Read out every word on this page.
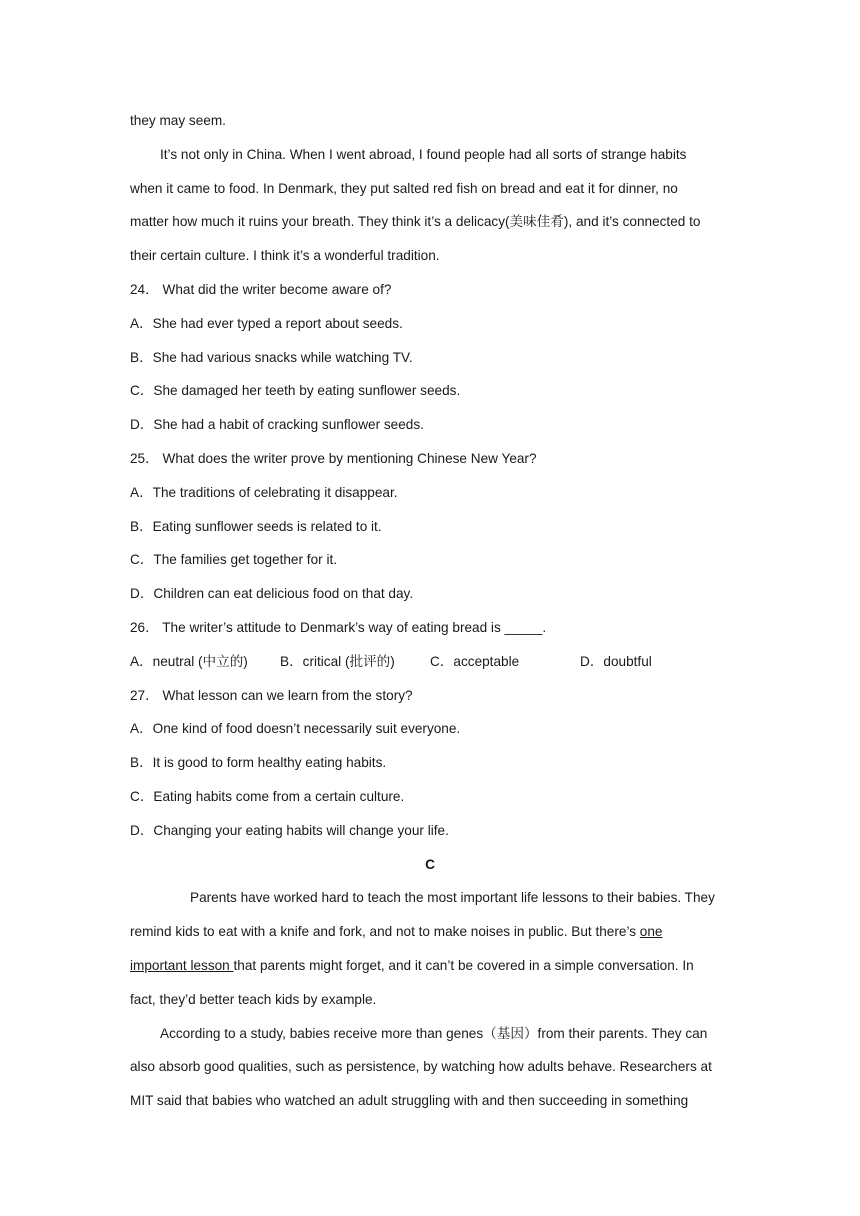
they may seem.
It’s not only in China. When I went abroad, I found people had all sorts of strange habits
when it came to food. In Denmark, they put salted red fish on bread and eat it for dinner, no
matter how much it ruins your breath. They think it’s a delicacy(美味佳肴), and it’s connected to
their certain culture. I think it’s a wonderful tradition.
24． What did the writer become aware of?
A．She had ever typed a report about seeds.
B．She had various snacks while watching TV.
C．She damaged her teeth by eating sunflower seeds.
D．She had a habit of cracking sunflower seeds.
25． What does the writer prove by mentioning Chinese New Year?
A．The traditions of celebrating it disappear.
B．Eating sunflower seeds is related to it.
C．The families get together for it.
D．Children can eat delicious food on that day.
26． The writer’s attitude to Denmark’s way of eating bread is _____.
A．neutral (中立的)	B．critical (批评的)	C．acceptable	D．doubtful
27． What lesson can we learn from the story?
A．One kind of food doesn’t necessarily suit everyone.
B．It is good to form healthy eating habits.
C．Eating habits come from a certain culture.
D．Changing your eating habits will change your life.
C
Parents have worked hard to teach the most important life lessons to their babies. They
remind kids to eat with a knife and fork, and not to make noises in public. But there’s one
important lesson that parents might forget, and it can’t be covered in a simple conversation. In
fact, they’d better teach kids by example.
According to a study, babies receive more than genes（基因）from their parents. They can
also absorb good qualities, such as persistence, by watching how adults behave. Researchers at
MIT said that babies who watched an adult struggling with and then succeeding in something
